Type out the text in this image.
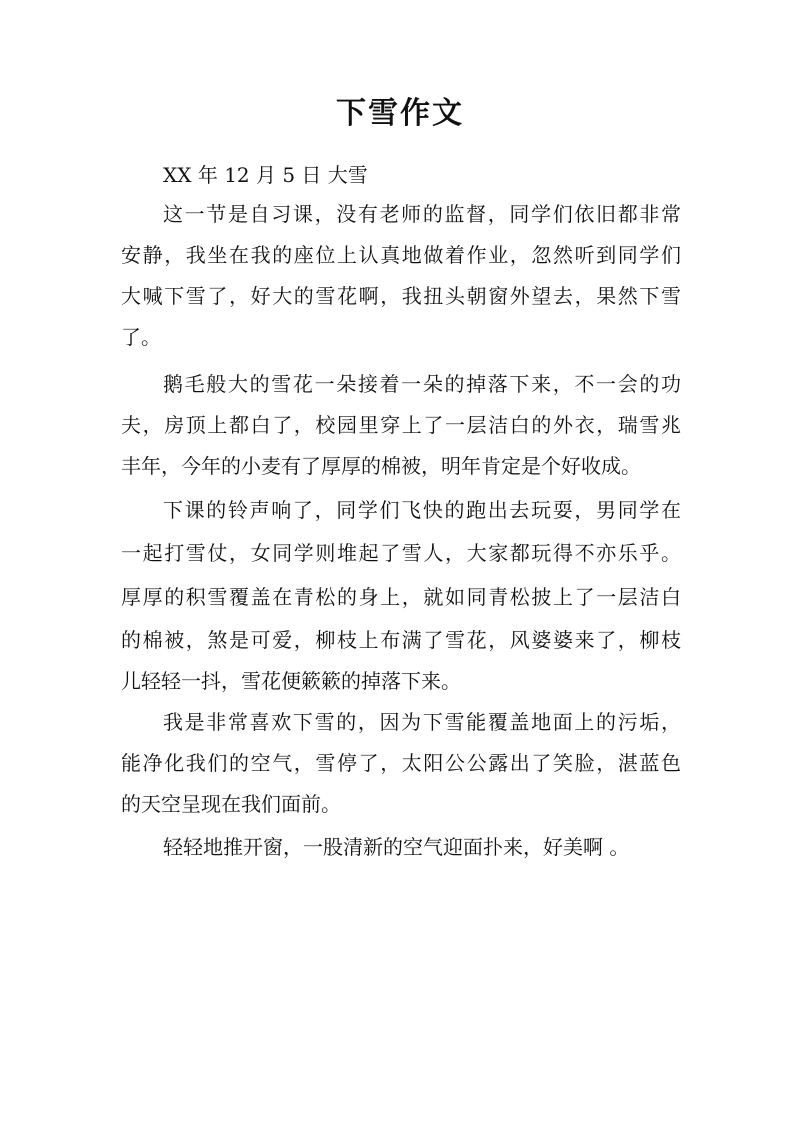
下雪作文
XX 年 12 月 5 日 大雪
这一节是自习课，没有老师的监督，同学们依旧都非常
安静，我坐在我的座位上认真地做着作业，忽然听到同学们
大喊下雪了，好大的雪花啊，我扭头朝窗外望去，果然下雪
了。
鹅毛般大的雪花一朵接着一朵的掉落下来，不一会的功
夫，房顶上都白了，校园里穿上了一层洁白的外衣，瑞雪兆
丰年，今年的小麦有了厚厚的棉被，明年肯定是个好收成。
下课的铃声响了，同学们飞快的跑出去玩耍，男同学在
一起打雪仗，女同学则堆起了雪人，大家都玩得不亦乐乎。
厚厚的积雪覆盖在青松的身上，就如同青松披上了一层洁白
的棉被，煞是可爱，柳枝上布满了雪花，风婆婆来了，柳枝
儿轻轻一抖，雪花便簌簌的掉落下来。
我是非常喜欢下雪的，因为下雪能覆盖地面上的污垢，
能净化我们的空气，雪停了，太阳公公露出了笑脸，湛蓝色
的天空呈现在我们面前。
轻轻地推开窗，一股清新的空气迎面扑来，好美啊 。
